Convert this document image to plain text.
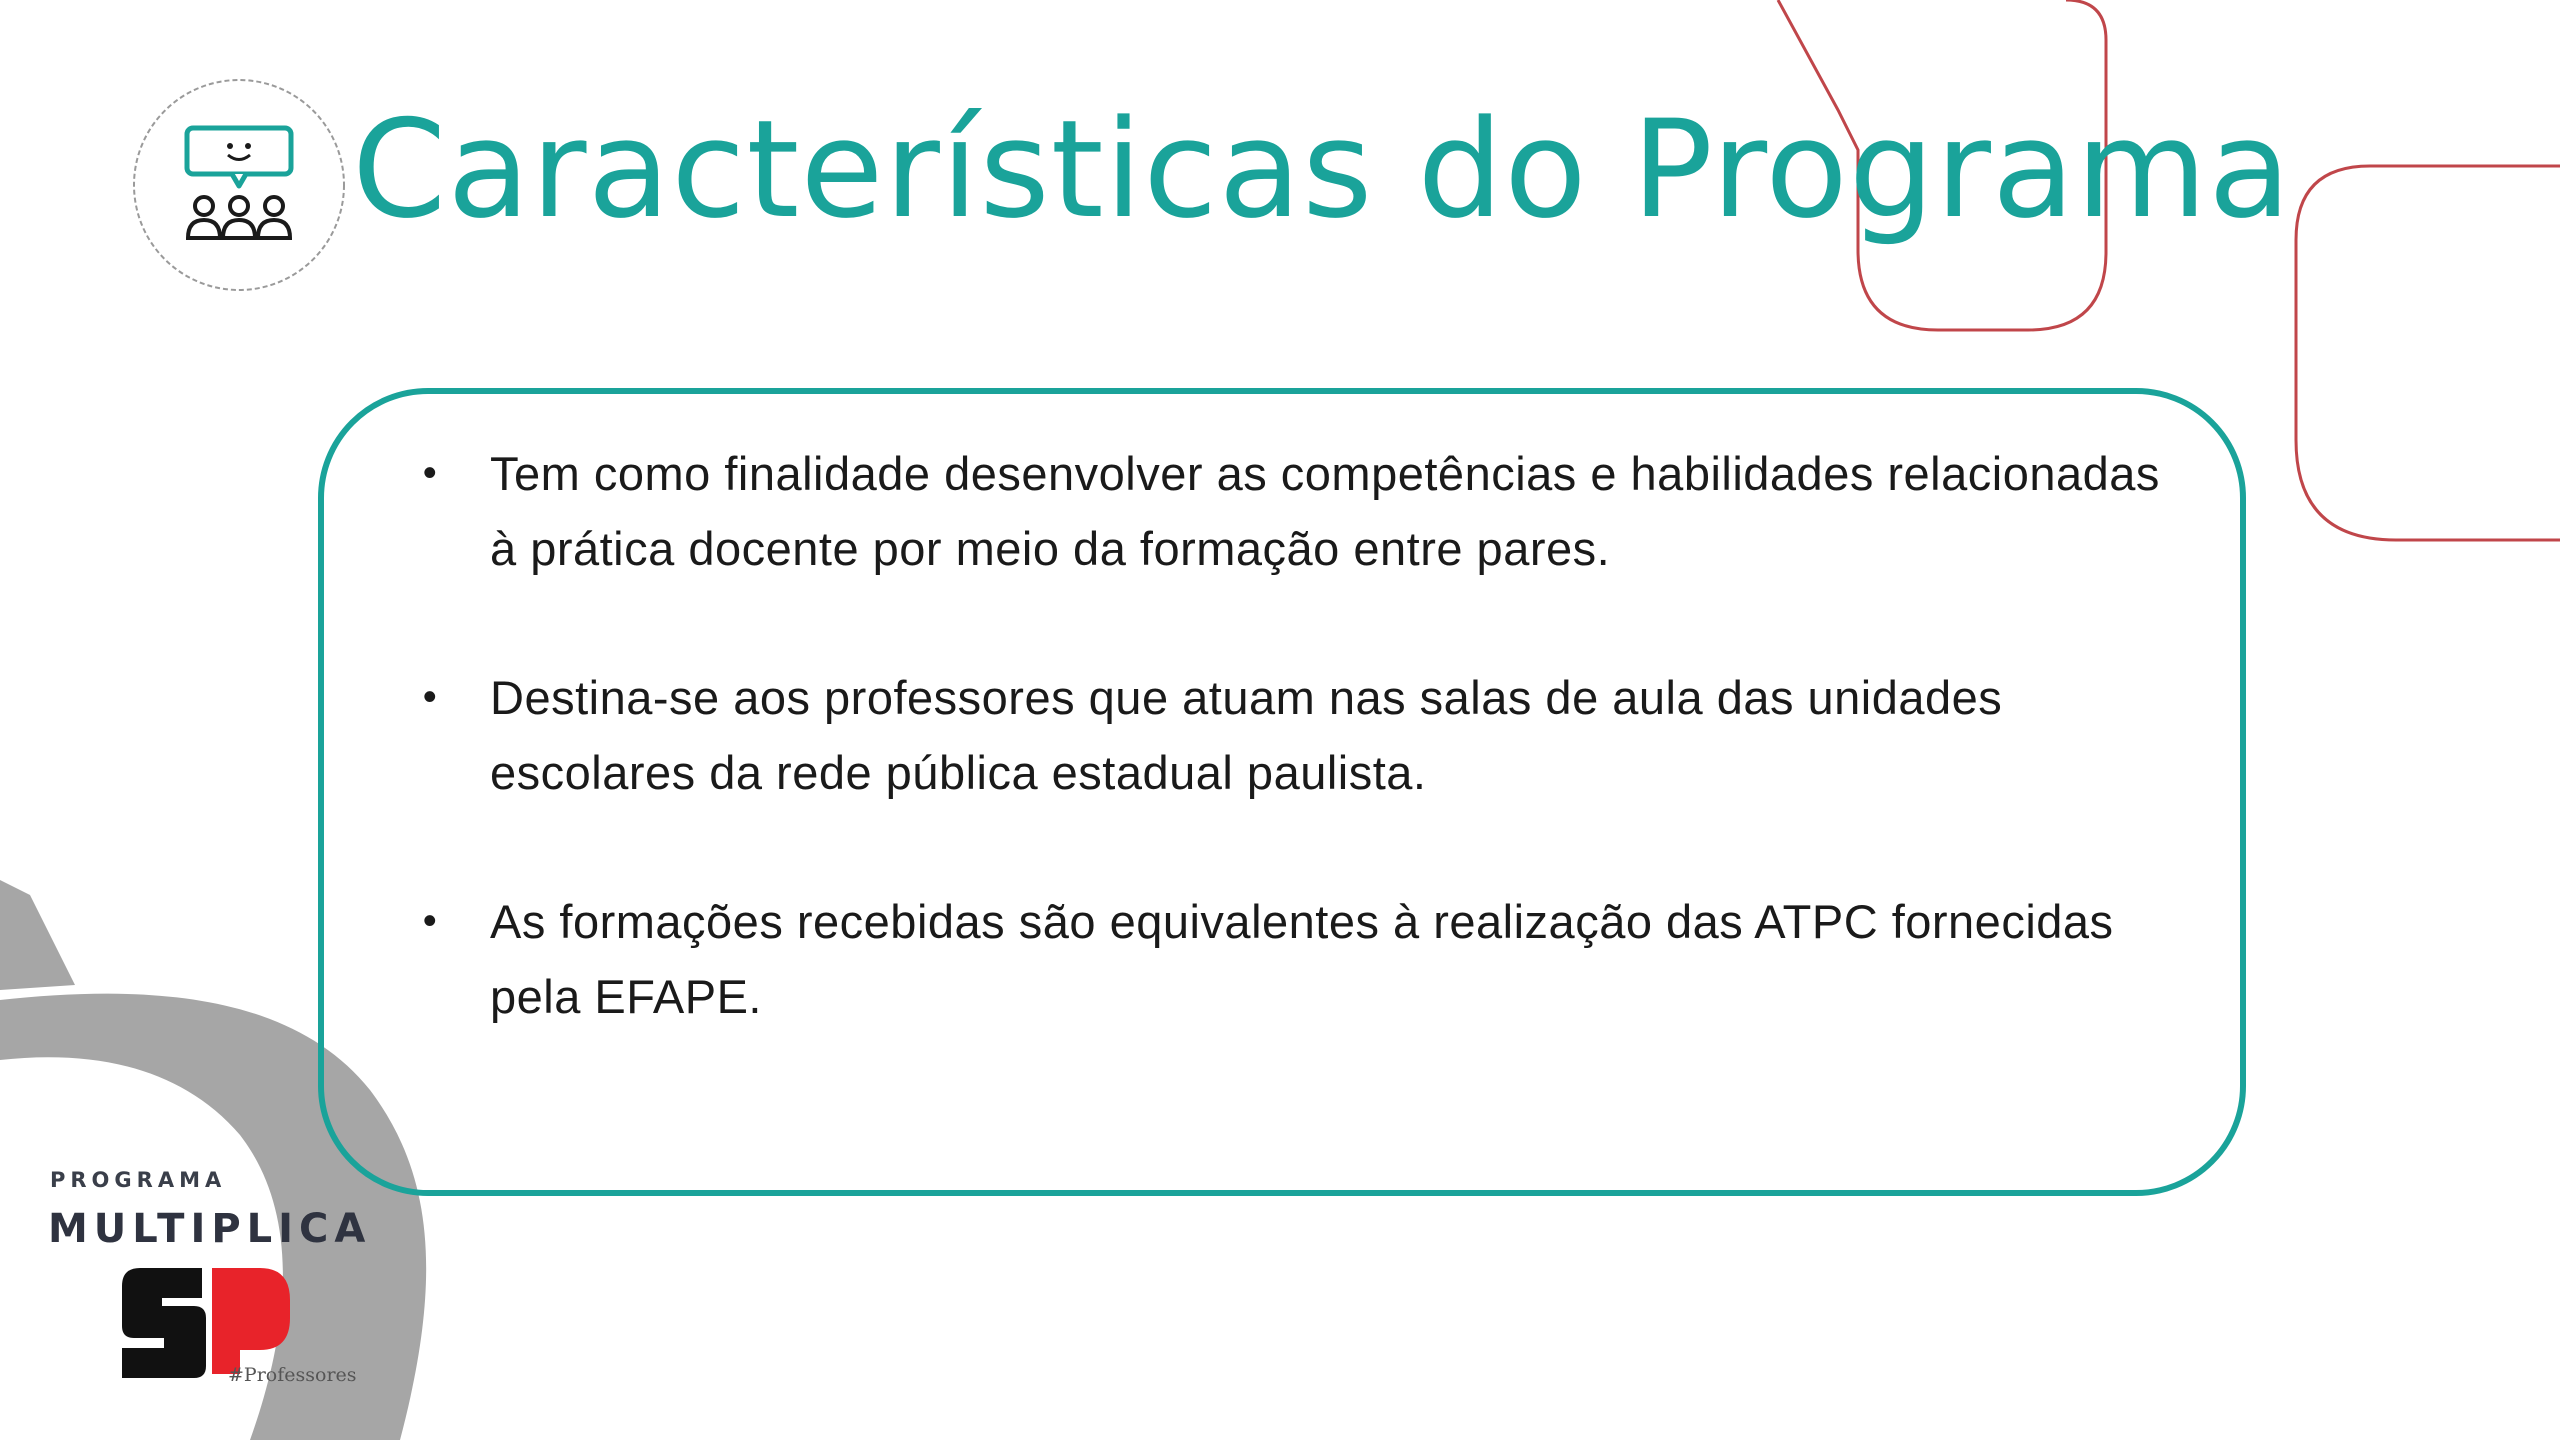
Características do Programa
• Tem como finalidade desenvolver as competências e habilidades relacionadas à prática docente por meio da formação entre pares.
• Destina-se aos professores que atuam nas salas de aula das unidades escolares da rede pública estadual paulista.
• As formações recebidas são equivalentes à realização das ATPC fornecidas pela EFAPE.
PROGRAMA
MULTIPLICA
#Professores
